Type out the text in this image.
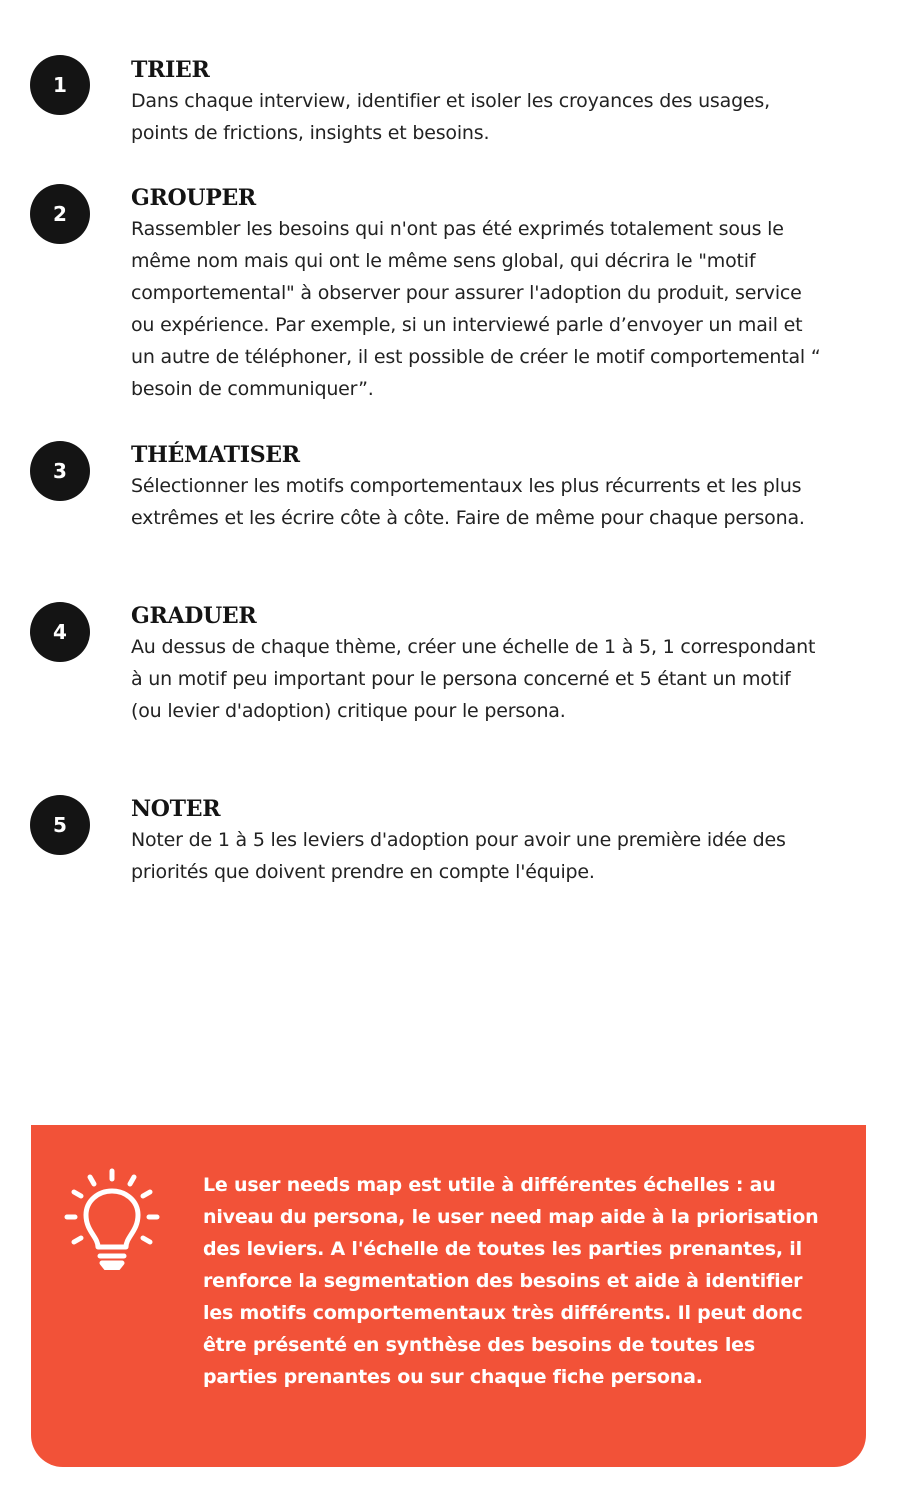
1
TRIER
Dans chaque interview, identifier et isoler les croyances des usages, points de frictions, insights et besoins.
2
GROUPER
Rassembler les besoins qui n'ont pas été exprimés totalement sous le même nom mais qui ont le même sens global, qui décrira le "motif comportemental" à observer pour assurer l'adoption du produit, service ou expérience. Par exemple, si un interviewé parle d’envoyer un mail et un autre de téléphoner, il est possible de créer le motif comportemental “ besoin de communiquer”.
3
THÉMATISER
Sélectionner les motifs comportementaux les plus récurrents et les plus extrêmes et les écrire côte à côte. Faire de même pour chaque persona.
4
GRADUER
Au dessus de chaque thème, créer une échelle de 1 à 5, 1 correspondant à un motif peu important pour le persona concerné et 5 étant un motif (ou levier d'adoption) critique pour le persona.
5
NOTER
Noter de 1 à 5 les leviers d'adoption pour avoir une première idée des priorités que doivent prendre en compte l'équipe.
Le user needs map est utile à différentes échelles : au niveau du persona, le user need map aide à la priorisation des leviers. A l'échelle de toutes les parties prenantes, il renforce la segmentation des besoins et aide à identifier les motifs comportementaux très différents. Il peut donc être présenté en synthèse des besoins de toutes les parties prenantes ou sur chaque fiche persona.
